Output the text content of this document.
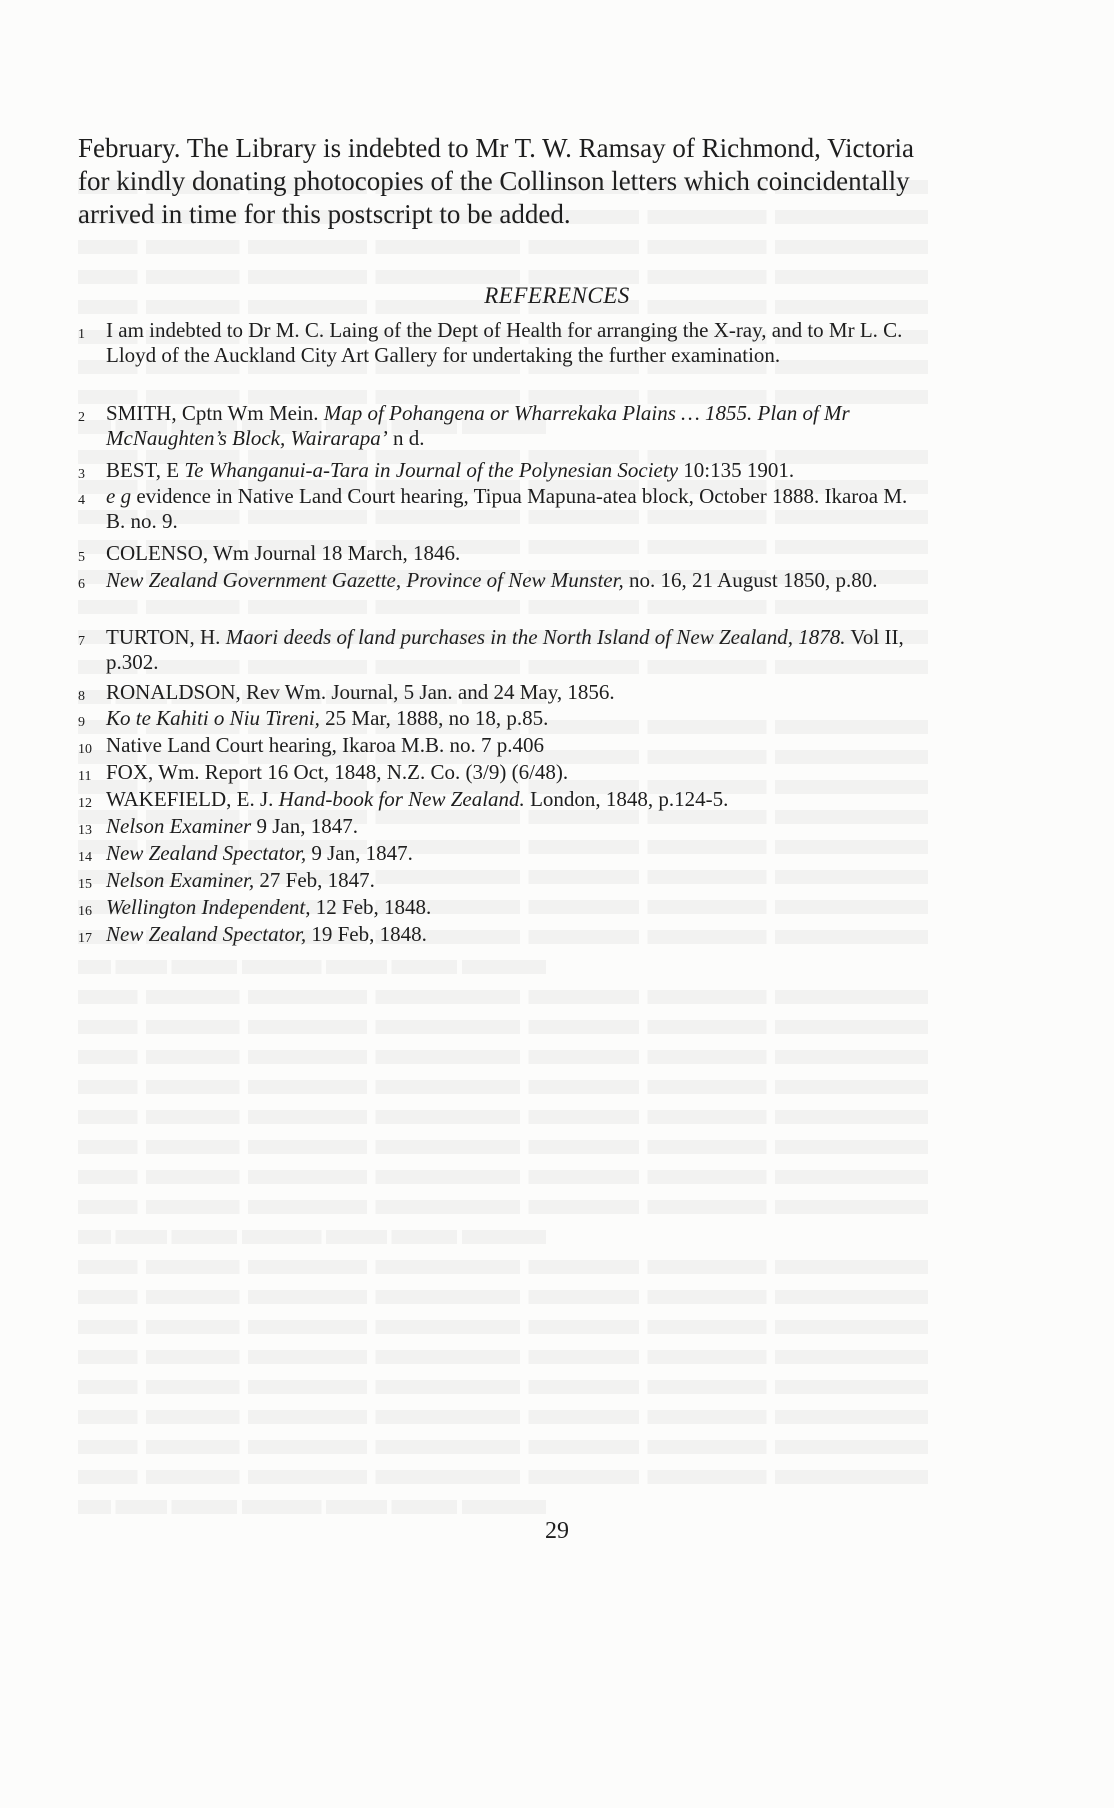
February. The Library is indebted to Mr T. W. Ramsay of Richmond, Victoria for kindly donating photocopies of the Collinson letters which coincidentally arrived in time for this postscript to be added.

REFERENCES

1	I am indebted to Dr M. C. Laing of the Dept of Health for arranging the X-ray, and to Mr L. C. Lloyd of the Auckland City Art Gallery for undertaking the further examination.
2	SMITH, Cptn Wm Mein. Map of Pohangena or Wharrekaka Plains … 1855. Plan of Mr McNaughten’s Block, Wairarapa’ n d.
3	BEST, E Te Whanganui-a-Tara in Journal of the Polynesian Society 10:135 1901.
4	e g evidence in Native Land Court hearing, Tipua Mapuna-atea block, October 1888. Ikaroa M. B. no. 9.
5	COLENSO, Wm Journal 18 March, 1846.
6	New Zealand Government Gazette, Province of New Munster, no. 16, 21 August 1850, p.80.
7	TURTON, H. Maori deeds of land purchases in the North Island of New Zealand, 1878. Vol II, p.302.
8	RONALDSON, Rev Wm. Journal, 5 Jan. and 24 May, 1856.
9	Ko te Kahiti o Niu Tireni, 25 Mar, 1888, no 18, p.85.
10 Native Land Court hearing, Ikaroa M.B. no. 7 p.406
11 FOX, Wm. Report 16 Oct, 1848, N.Z. Co. (3/9) (6/48).
12 WAKEFIELD, E. J. Hand-book for New Zealand. London, 1848, p.124-5.
13 Nelson Examiner 9 Jan, 1847.
14 New Zealand Spectator, 9 Jan, 1847.
15 Nelson Examiner, 27 Feb, 1847.
16 Wellington Independent, 12 Feb, 1848.
17 New Zealand Spectator, 19 Feb, 1848.
29
